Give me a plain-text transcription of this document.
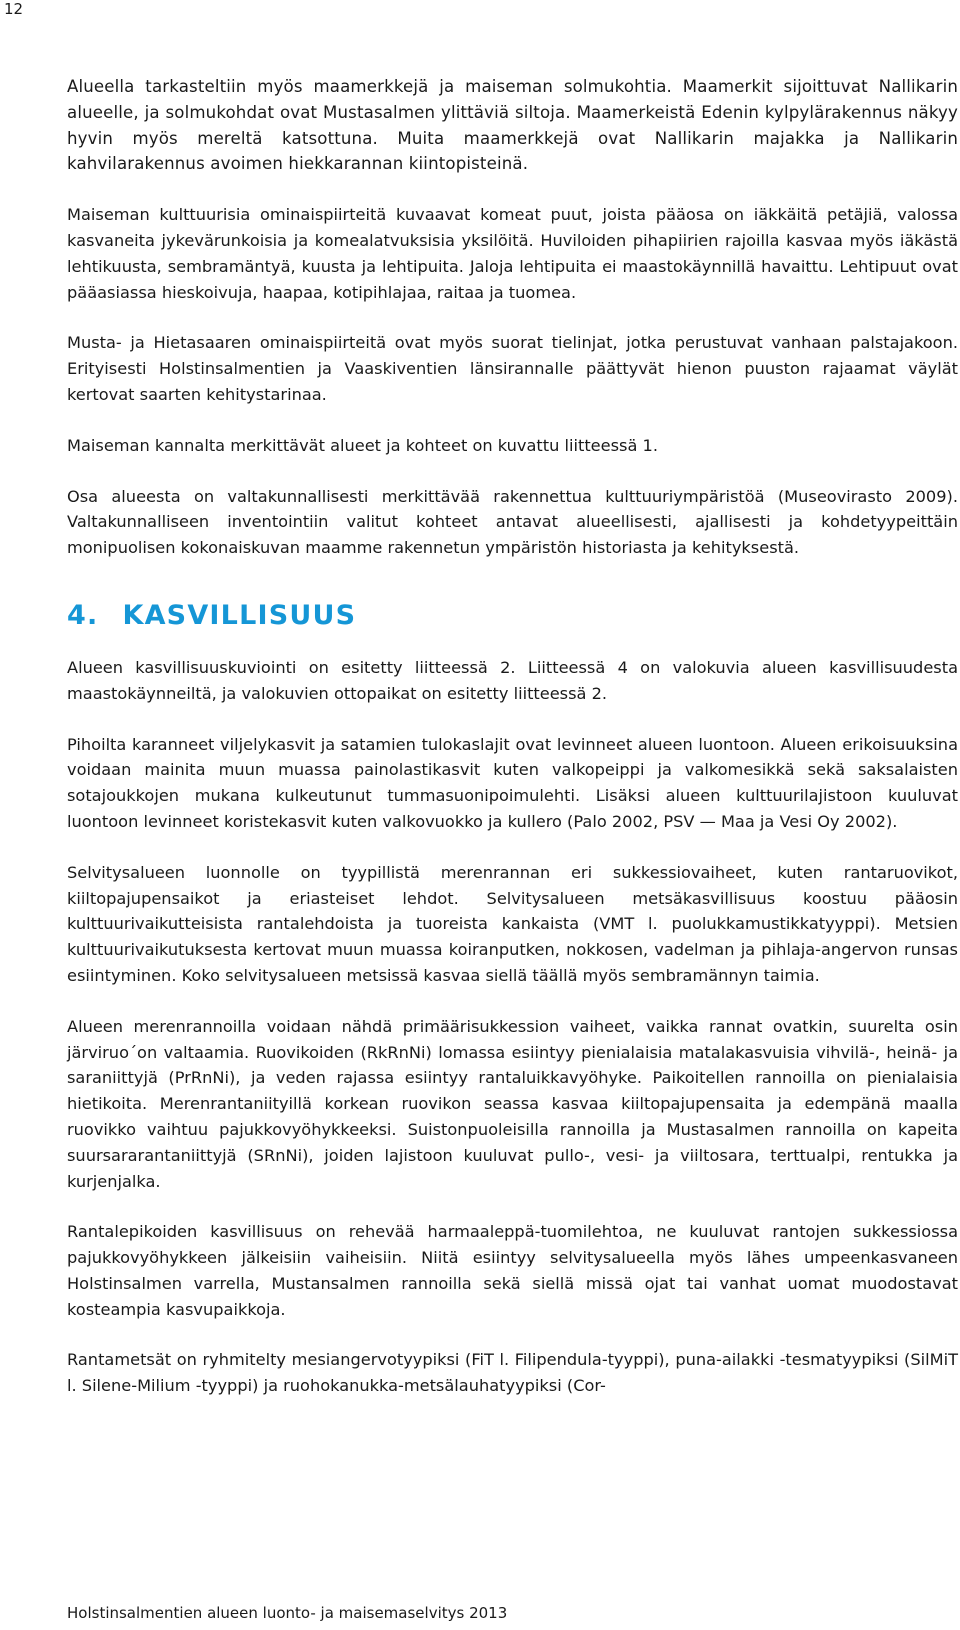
12

Alueella tarkasteltiin myös maamerkkejä ja maiseman solmukohtia. Maamerkit sijoittuvat Nallikarin alueelle, ja solmukohdat ovat Mustasalmen ylittäviä siltoja. Maamerkeistä Edenin kylpylärakennus näkyy hyvin myös mereltä katsottuna. Muita maamerkkejä ovat Nallikarin majakka ja Nallikarin kahvilarakennus avoimen hiekkarannan kiintopisteinä.

Maiseman kulttuurisia ominaispiirteitä kuvaavat komeat puut, joista pääosa on iäkkäitä petäjiä, valossa kasvaneita jykevärunkoisia ja komealatvuksisia yksilöitä. Huviloiden pihapiirien rajoilla kasvaa myös iäkästä lehtikuusta, sembramäntyä, kuusta ja lehtipuita. Jaloja lehtipuita ei maastokäynnillä havaittu. Lehtipuut ovat pääasiassa hieskoivuja, haapaa, kotipihlajaa, raitaa ja tuomea.

Musta- ja Hietasaaren ominaispiirteitä ovat myös suorat tielinjat, jotka perustuvat vanhaan palstajakoon. Erityisesti Holstinsalmentien ja Vaaskiventien länsirannalle päättyvät hienon puuston rajaamat väylät kertovat saarten kehitystarinaa.

Maiseman kannalta merkittävät alueet ja kohteet on kuvattu liitteessä 1.

Osa alueesta on valtakunnallisesti merkittävää rakennettua kulttuuriympäristöä (Museovirasto 2009). Valtakunnalliseen inventointiin valitut kohteet antavat alueellisesti, ajallisesti ja kohdetyypeittäin monipuolisen kokonaiskuvan maamme rakennetun ympäristön historiasta ja kehityksestä.

4. KASVILLISUUS

Alueen kasvillisuuskuviointi on esitetty liitteessä 2. Liitteessä 4 on valokuvia alueen kasvillisuudesta maastokäynneiltä, ja valokuvien ottopaikat on esitetty liitteessä 2.

Pihoilta karanneet viljelykasvit ja satamien tulokaslajit ovat levinneet alueen luontoon. Alueen erikoisuuksina voidaan mainita muun muassa painolastikasvit kuten valkopeippi ja valkomesikkä sekä saksalaisten sotajoukkojen mukana kulkeutunut tummasuonipoimulehti. Lisäksi alueen kulttuurilajistoon kuuluvat luontoon levinneet koristekasvit kuten valkovuokko ja kullero (Palo 2002, PSV — Maa ja Vesi Oy 2002).

Selvitysalueen luonnolle on tyypillistä merenrannan eri sukkessiovaiheet, kuten rantaruovikot, kiiltopajupensaikot ja eriasteiset lehdot. Selvitysalueen metsäkasvillisuus koostuu pääosin kulttuurivaikutteisista rantalehdoista ja tuoreista kankaista (VMT l. puolukkamustikkatyyppi). Metsien kulttuurivaikutuksesta kertovat muun muassa koiranputken, nokkosen, vadelman ja pihlaja-angervon runsas esiintyminen. Koko selvitysalueen metsissä kasvaa siellä täällä myös sembramännyn taimia.

Alueen merenrannoilla voidaan nähdä primäärisukkession vaiheet, vaikka rannat ovatkin, suurelta osin järviruo´on valtaamia. Ruovikoiden (RkRnNi) lomassa esiintyy pienialaisia matalakasvuisia vihvilä-, heinä- ja saraniittyjä (PrRnNi), ja veden rajassa esiintyy rantaluikkavyöhyke. Paikoitellen rannoilla on pienialaisia hietikoita. Merenrantaniityillä korkean ruovikon seassa kasvaa kiiltopajupensaita ja edempänä maalla ruovikko vaihtuu pajukkovyöhykkeeksi. Suistonpuoleisilla rannoilla ja Mustasalmen rannoilla on kapeita suursararantaniittyjä (SRnNi), joiden lajistoon kuuluvat pullo-, vesi- ja viiltosara, terttualpi, rentukka ja kurjenjalka.

Rantalepikoiden kasvillisuus on rehevää harmaaleppä-tuomilehtoa, ne kuuluvat rantojen sukkessiossa pajukkovyöhykkeen jälkeisiin vaiheisiin. Niitä esiintyy selvitysalueella myös lähes umpeenkasvaneen Holstinsalmen varrella, Mustansalmen rannoilla sekä siellä missä ojat tai vanhat uomat muodostavat kosteampia kasvupaikkoja.

Rantametsät on ryhmitelty mesiangervotyypiksi (FiT l. Filipendula-tyyppi), puna-ailakki -tesmatyypiksi (SilMiT l. Silene-Milium -tyyppi) ja ruohokanukka-metsälauhatyypiksi (Cor-

Holstinsalmentien alueen luonto- ja maisemaselvitys 2013
